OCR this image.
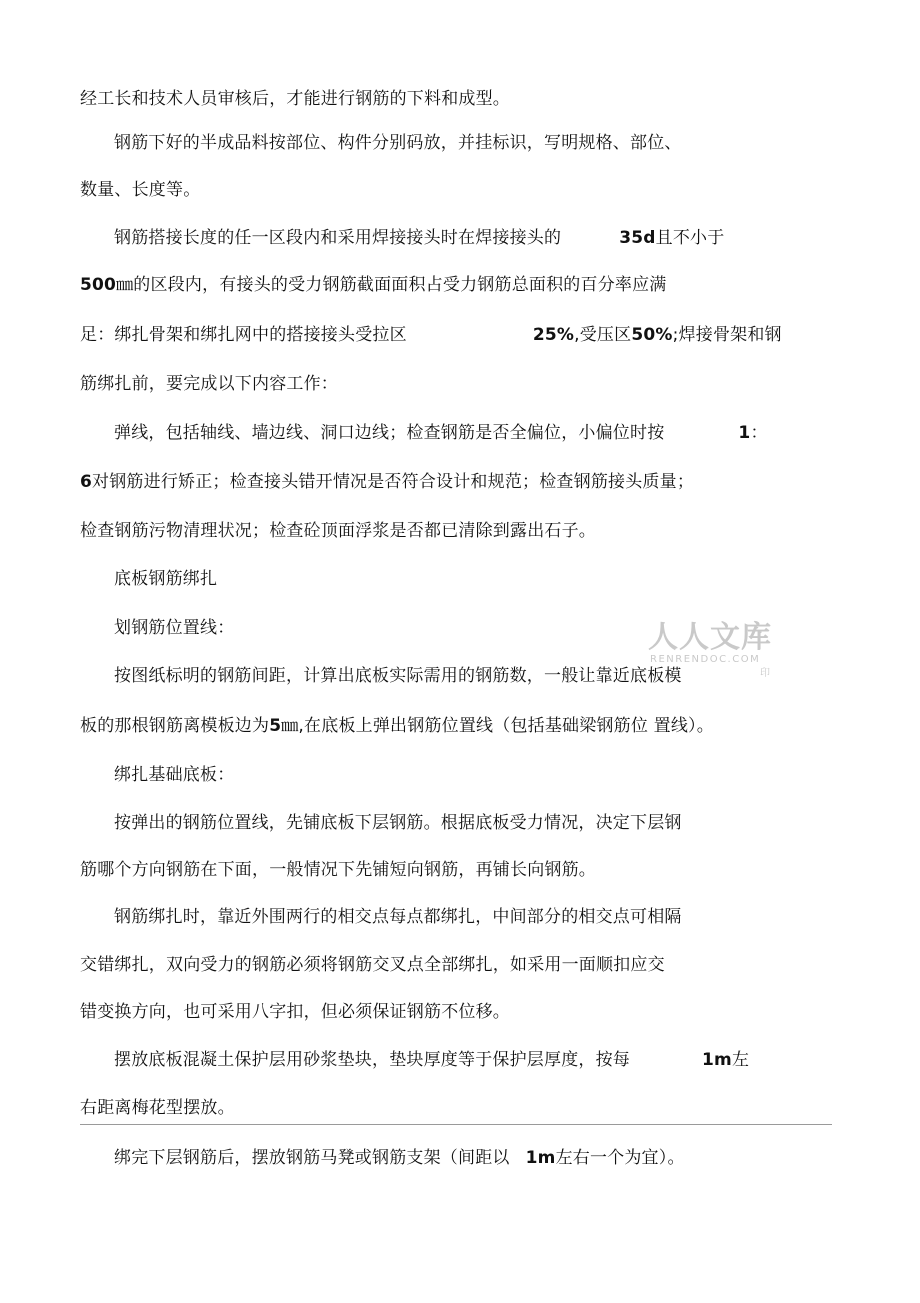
经工长和技术人员审核后，才能进行钢筋的下料和成型。
钢筋下好的半成品料按部位、构件分别码放，并挂标识，写明规格、部位、
数量、长度等。
钢筋搭接长度的任一区段内和采用焊接接头时在焊接接头的	35d且不小于
500㎜的区段内，有接头的受力钢筋截面面积占受力钢筋总面积的百分率应满
足：绑扎骨架和绑扎网中的搭接接头受拉区	25%,受压区50%;焊接骨架和钢
筋绑扎前，要完成以下内容工作：
弹线，包括轴线、墙边线、洞口边线；检查钢筋是否全偏位，小偏位时按	1：
6对钢筋进行矫正；检查接头错开情况是否符合设计和规范；检查钢筋接头质量；
检查钢筋污物清理状况；检查砼顶面浮浆是否都已清除到露出石子。
底板钢筋绑扎
划钢筋位置线：
按图纸标明的钢筋间距，计算出底板实际需用的钢筋数，一般让靠近底板模
板的那根钢筋离模板边为5㎜,在底板上弹出钢筋位置线（包括基础梁钢筋位 置线）。
绑扎基础底板：
按弹出的钢筋位置线，先铺底板下层钢筋。根据底板受力情况，决定下层钢
筋哪个方向钢筋在下面，一般情况下先铺短向钢筋，再铺长向钢筋。
钢筋绑扎时，靠近外围两行的相交点每点都绑扎，中间部分的相交点可相隔
交错绑扎，双向受力的钢筋必须将钢筋交叉点全部绑扎，如采用一面顺扣应交
错变换方向，也可采用八字扣，但必须保证钢筋不位移。
摆放底板混凝土保护层用砂浆垫块，垫块厚度等于保护层厚度，按每	1m左
右距离梅花型摆放。
绑完下层钢筋后，摆放钢筋马凳或钢筋支架（间距以 1m左右一个为宜）。
人人文库
RENRENDOC.COM
印
